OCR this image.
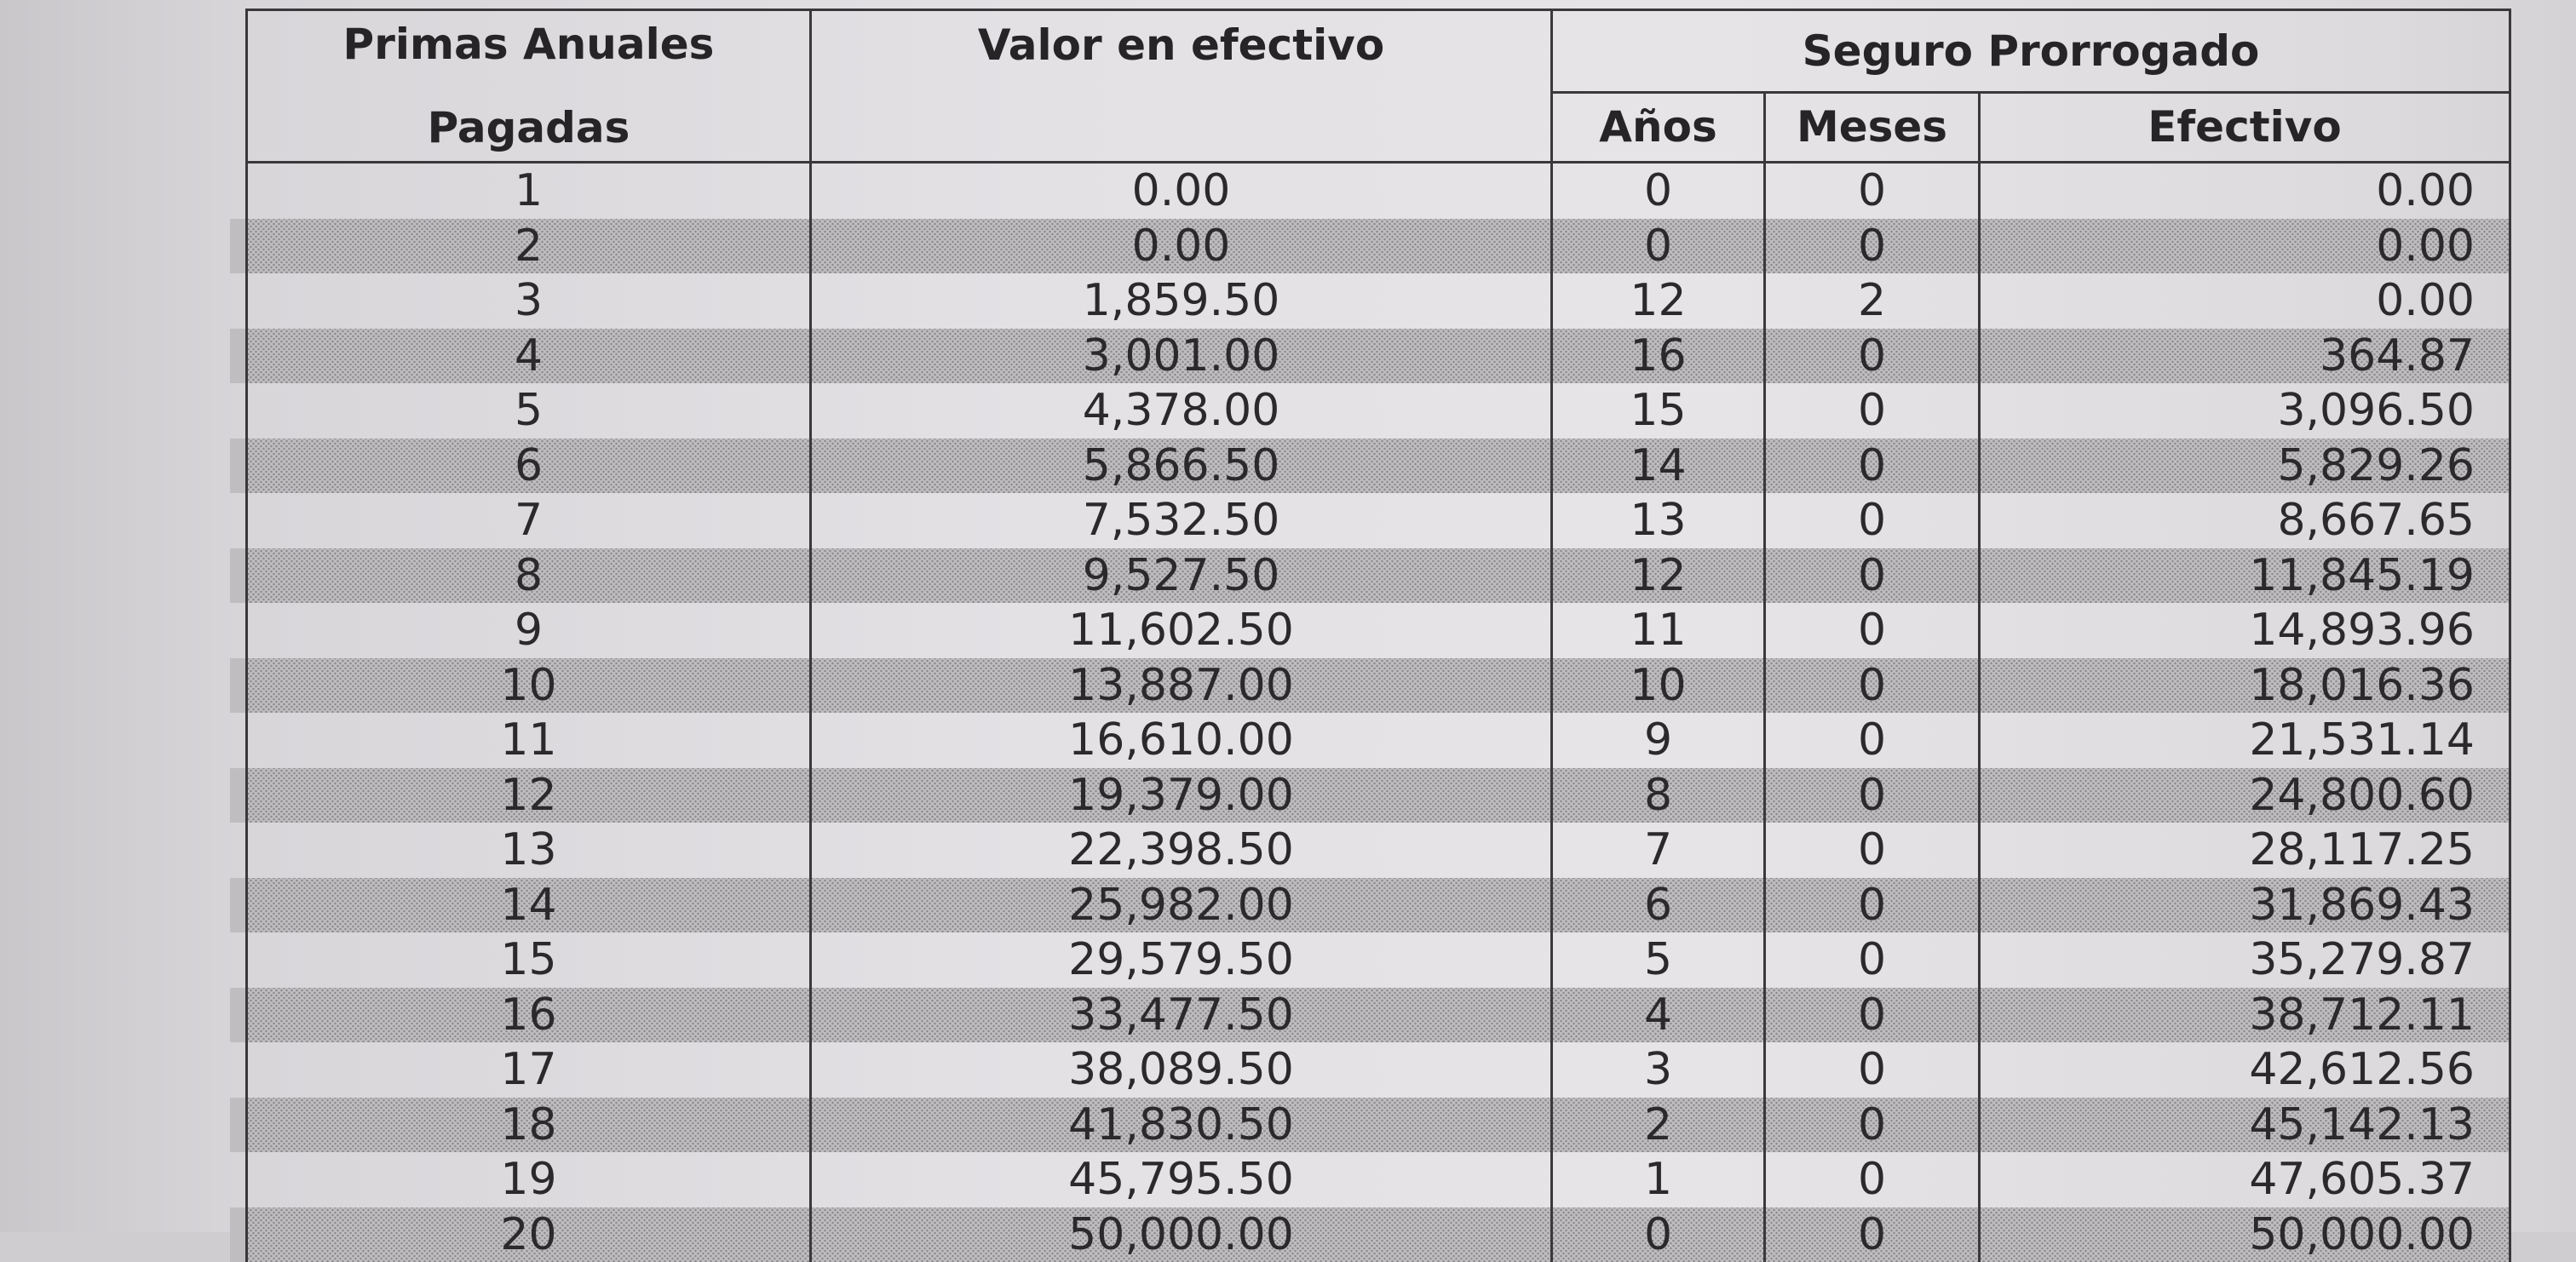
Primas Anuales
Pagadas	Valor en efectivo	Seguro Prorrogado		
		Años	Meses	Efectivo
1	0.00	0	0	0.00
2	0.00	0	0	0.00
3	1,859.50	12	2	0.00
4	3,001.00	16	0	364.87
5	4,378.00	15	0	3,096.50
6	5,866.50	14	0	5,829.26
7	7,532.50	13	0	8,667.65
8	9,527.50	12	0	11,845.19
9	11,602.50	11	0	14,893.96
10	13,887.00	10	0	18,016.36
11	16,610.00	9	0	21,531.14
12	19,379.00	8	0	24,800.60
13	22,398.50	7	0	28,117.25
14	25,982.00	6	0	31,869.43
15	29,579.50	5	0	35,279.87
16	33,477.50	4	0	38,712.11
17	38,089.50	3	0	42,612.56
18	41,830.50	2	0	45,142.13
19	45,795.50	1	0	47,605.37
20	50,000.00	0	0	50,000.00
